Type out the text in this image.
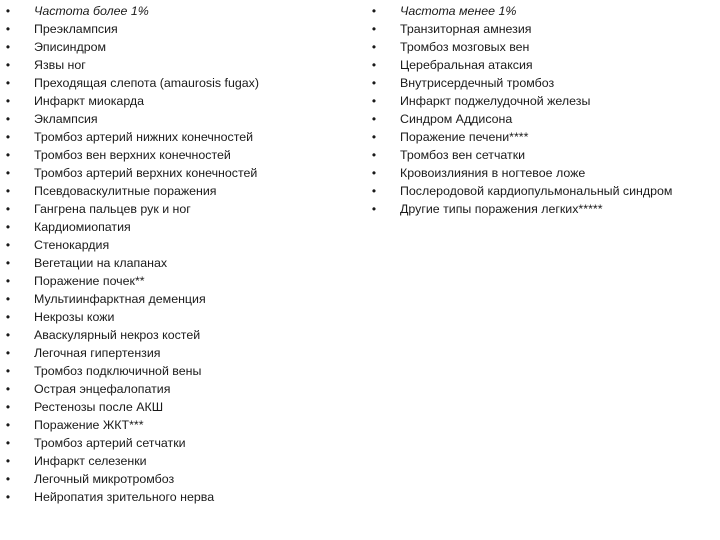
• Частота более 1%
• Преэклампсия
• Эписиндром
• Язвы ног
• Преходящая слепота (amaurosis fugax)
• Инфаркт миокарда
• Эклампсия
• Тромбоз артерий нижних конечностей
• Тромбоз вен верхних конечностей
• Тромбоз артерий верхних конечностей
• Псевдоваскулитные поражения
• Гангрена пальцев рук и ног
• Кардиомиопатия
• Стенокардия
• Вегетации на клапанах
• Поражение почек**
• Мультиинфарктная деменция
• Некрозы кожи
• Аваскулярный некроз костей
• Легочная гипертензия
• Тромбоз подключичной вены
• Острая энцефалопатия
• Рестенозы после АКШ
• Поражение ЖКТ***
• Тромбоз артерий сетчатки
• Инфаркт селезенки
• Легочный микротромбоз
• Нейропатия зрительного нерва
• Частота менее 1%
• Транзиторная амнезия
• Тромбоз мозговых вен
• Церебральная атаксия
• Внутрисердечный тромбоз
• Инфаркт поджелудочной железы
• Синдром Аддисона
• Поражение печени****
• Тромбоз вен сетчатки
• Кровоизлияния в ногтевое ложе
• Послеродовой кардиопульмональный синдром
• Другие типы поражения легких*****
